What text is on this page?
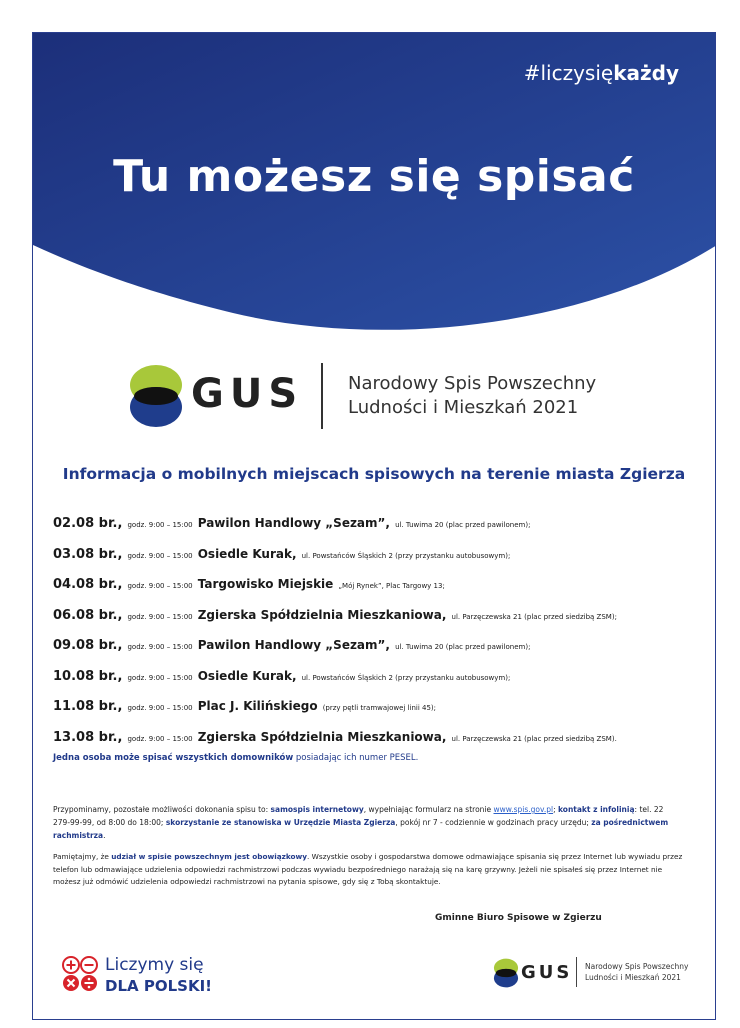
#liczysiękażdy
Tu możesz się spisać
GUS Narodowy Spis Powszechny
Ludności i Mieszkań 2021
Informacja o mobilnych miejscach spisowych na terenie miasta Zgierza
02.08 br., godz. 9:00 – 15:00 Pawilon Handlowy „Sezam”, ul. Tuwima 20 (plac przed pawilonem);
03.08 br., godz. 9:00 – 15:00 Osiedle Kurak, ul. Powstańców Śląskich 2 (przy przystanku autobusowym);
04.08 br., godz. 9:00 – 15:00 Targowisko Miejskie „Mój Rynek”, Plac Targowy 13;
06.08 br., godz. 9:00 – 15:00 Zgierska Spółdzielnia Mieszkaniowa, ul. Parzęczewska 21 (plac przed siedzibą ZSM);
09.08 br., godz. 9:00 – 15:00 Pawilon Handlowy „Sezam”, ul. Tuwima 20 (plac przed pawilonem);
10.08 br., godz. 9:00 – 15:00 Osiedle Kurak, ul. Powstańców Śląskich 2 (przy przystanku autobusowym);
11.08 br., godz. 9:00 – 15:00 Plac J. Kilińskiego (przy pętli tramwajowej linii 45);
13.08 br., godz. 9:00 – 15:00 Zgierska Spółdzielnia Mieszkaniowa, ul. Parzęczewska 21 (plac przed siedzibą ZSM).
Jedna osoba może spisać wszystkich domowników posiadając ich numer PESEL.
Przypominamy, pozostałe możliwości dokonania spisu to: samospis internetowy, wypełniając formularz na stronie www.spis.gov.pl; kontakt z infolinią: tel. 22 279-99-99, od 8:00 do 18:00; skorzystanie ze stanowiska w Urzędzie Miasta Zgierza, pokój nr 7 - codziennie w godzinach pracy urzędu; za pośrednictwem rachmistrza.
Pamiętajmy, że udział w spisie powszechnym jest obowiązkowy. Wszystkie osoby i gospodarstwa domowe odmawiające spisania się przez Internet lub wywiadu przez telefon lub odmawiające udzielenia odpowiedzi rachmistrzowi podczas wywiadu bezpośredniego narażają się na karę grzywny. Jeżeli nie spisałeś się przez Internet nie możesz już odmówić udzielenia odpowiedzi rachmistrzowi na pytania spisowe, gdy się z Tobą skontaktuje.
Gminne Biuro Spisowe w Zgierzu
Liczymy się
DLA POLSKI!
GUS Narodowy Spis Powszechny
Ludności i Mieszkań 2021
